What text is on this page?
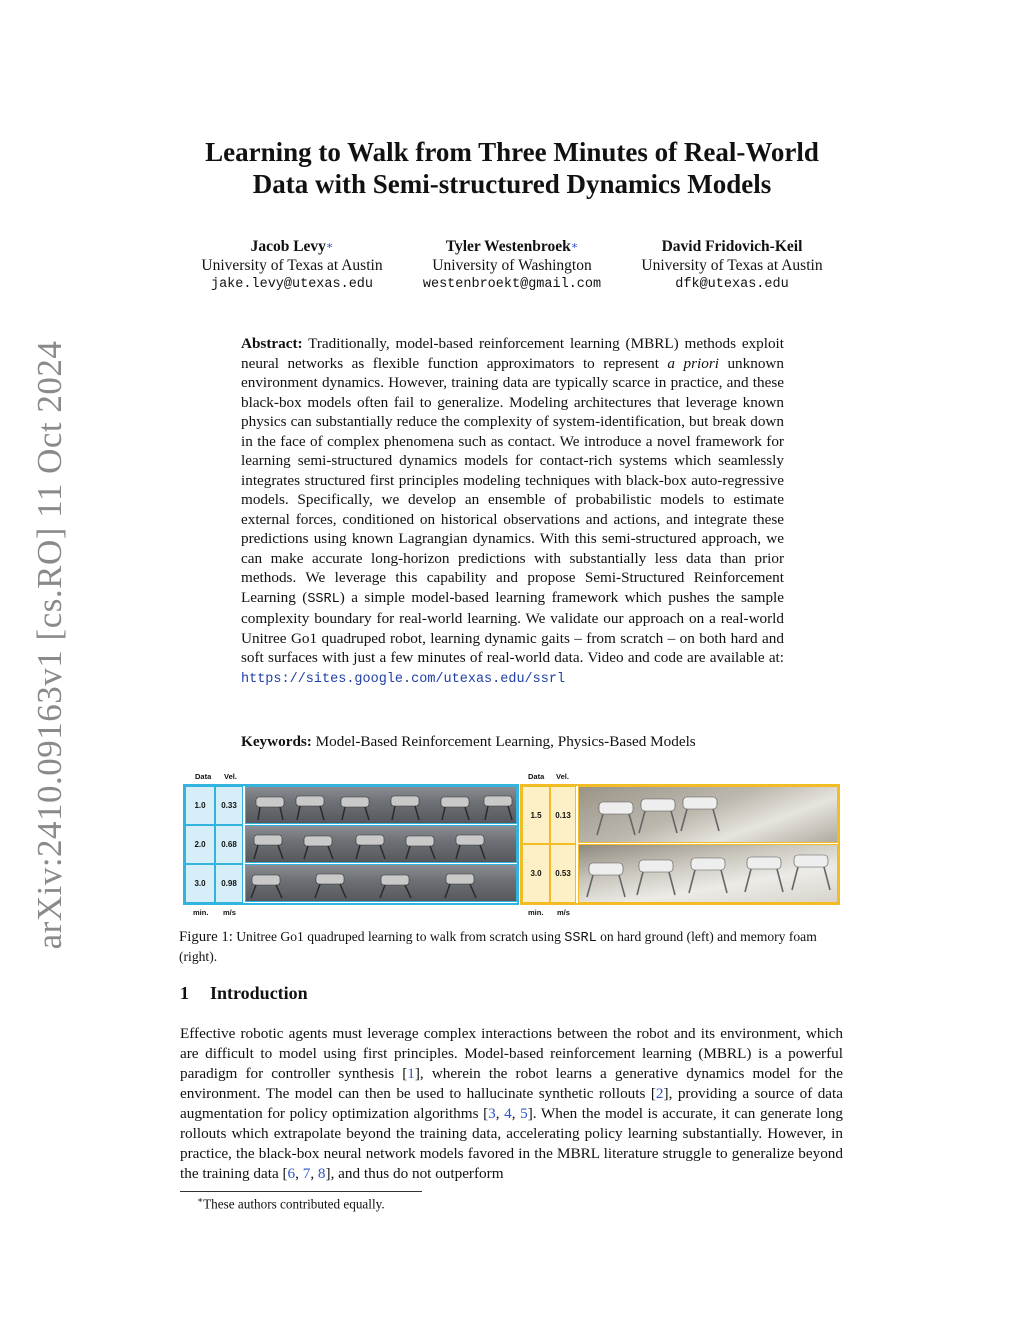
arXiv:2410.09163v1 [cs.RO] 11 Oct 2024
Learning to Walk from Three Minutes of Real-World
Data with Semi-structured Dynamics Models
Jacob Levy∗
University of Texas at Austin
jake.levy@utexas.edu
Tyler Westenbroek∗
University of Washington
westenbroekt@gmail.com
David Fridovich-Keil
University of Texas at Austin
dfk@utexas.edu
Abstract: Traditionally, model-based reinforcement learning (MBRL) methods exploit neural networks as flexible function approximators to represent a priori unknown environment dynamics. However, training data are typically scarce in practice, and these black-box models often fail to generalize. Modeling architectures that leverage known physics can substantially reduce the complexity of system-identification, but break down in the face of complex phenomena such as contact. We introduce a novel framework for learning semi-structured dynamics models for contact-rich systems which seamlessly integrates structured first principles modeling techniques with black-box auto-regressive models. Specifically, we develop an ensemble of probabilistic models to estimate external forces, conditioned on historical observations and actions, and integrate these predictions using known Lagrangian dynamics. With this semi-structured approach, we can make accurate long-horizon predictions with substantially less data than prior methods. We leverage this capability and propose Semi-Structured Reinforcement Learning (SSRL) a simple model-based learning framework which pushes the sample complexity boundary for real-world learning. We validate our approach on a real-world Unitree Go1 quadruped robot, learning dynamic gaits – from scratch – on both hard and soft surfaces with just a few minutes of real-world data. Video and code are available at: https://sites.google.com/utexas.edu/ssrl
Keywords: Model-Based Reinforcement Learning, Physics-Based Models
Data Vel.
1.0	0.33
2.0	0.68
3.0	0.98
min. m/s
Data Vel.
1.5	0.13
3.0	0.53
min. m/s
Figure 1: Unitree Go1 quadruped learning to walk from scratch using SSRL on hard ground (left) and memory foam (right).
1 Introduction
Effective robotic agents must leverage complex interactions between the robot and its environment, which are difficult to model using first principles. Model-based reinforcement learning (MBRL) is a powerful paradigm for controller synthesis [1], wherein the robot learns a generative dynamics model for the environment. The model can then be used to hallucinate synthetic rollouts [2], providing a source of data augmentation for policy optimization algorithms [3, 4, 5]. When the model is accurate, it can generate long rollouts which extrapolate beyond the training data, accelerating policy learning substantially. However, in practice, the black-box neural network models favored in the MBRL literature struggle to generalize beyond the training data [6, 7, 8], and thus do not outperform
∗These authors contributed equally.
